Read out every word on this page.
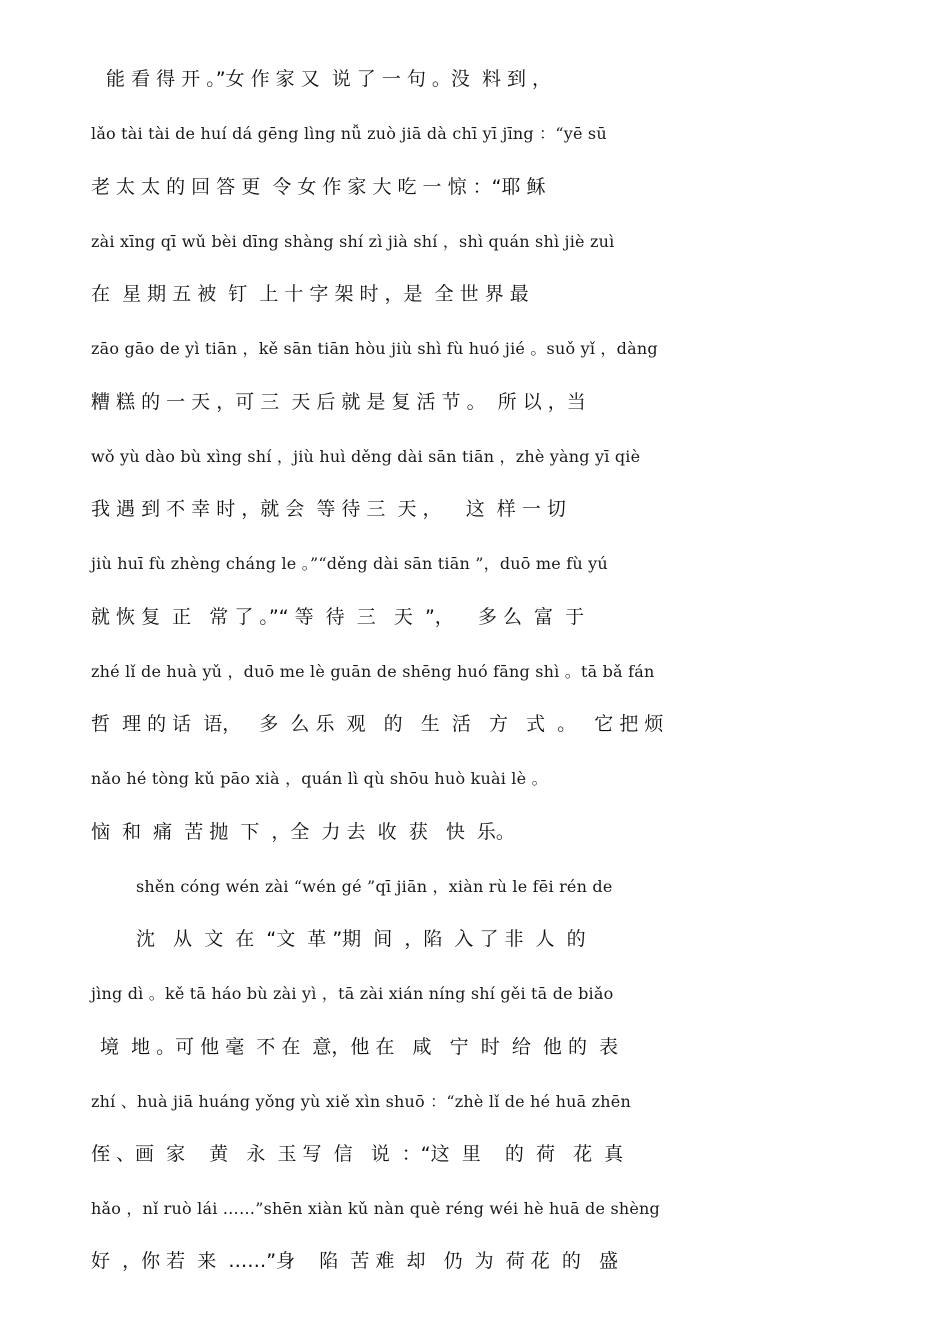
能 看 得 开 。”女 作 家 又  说 了 一 句 。没  料 到 ，
lǎo tài tài de huí dá gēng lìng nǚ zuò jiā dà chī yī jīng ：“yē sū
老 太 太 的 回 答 更  令 女 作 家 大 吃 一 惊 ：“耶 稣
zài xīng qī wǔ bèi dīng shàng shí zì jià shí ，shì quán shì jiè zuì
在  星 期 五 被  钉  上 十 字 架 时 ，是  全 世 界 最
zāo gāo de yì tiān ，kě sān tiān hòu jiù shì fù huó jié 。suǒ yǐ ，dàng
糟 糕 的 一 天 ，可 三  天 后 就 是 复 活 节 。  所 以 ，当
wǒ yù dào bù xìng shí ，jiù huì děng dài sān tiān ，zhè yàng yī qiè
我 遇 到 不 幸 时 ，就 会  等 待 三  天 ，    这  样 一 切
jiù huī fù zhèng cháng le 。”“děng dài sān tiān ”，duō me fù yú
就 恢 复  正   常 了 。”“ 等  待  三   天  ”，    多 么  富  于
zhé lǐ de huà yǔ ，duō me lè guān de shēng huó fāng shì 。tā bǎ fán
哲  理 的 话  语，   多  么 乐  观   的   生  活   方   式  。   它 把 烦
nǎo hé tòng kǔ pāo xià ，quán lì qù shōu huò kuài lè 。
恼  和  痛  苦 抛  下  ，全  力 去  收  获   快  乐。
shěn cóng wén zài “wén gé ”qī jiān ，xiàn rù le fēi rén de
沈   从  文  在  “文  革 ”期  间  ，陷  入 了 非  人  的
jìng dì 。kě tā háo bù zài yì ，tā zài xián níng shí gěi tā de biǎo
境  地 。可 他 毫  不 在  意，他 在   咸   宁  时  给  他 的  表
zhí 、huà jiā huáng yǒng yù xiě xìn shuō ：“zhè lǐ de hé huā zhēn
侄 、画  家    黄   永  玉 写  信   说  ：“这  里    的  荷   花  真
hǎo ，nǐ ruò lái ……”shēn xiàn kǔ nàn què réng wéi hè huā de shèng
好  ，你 若  来  ……”身    陷  苦 难  却   仍  为  荷 花  的   盛
